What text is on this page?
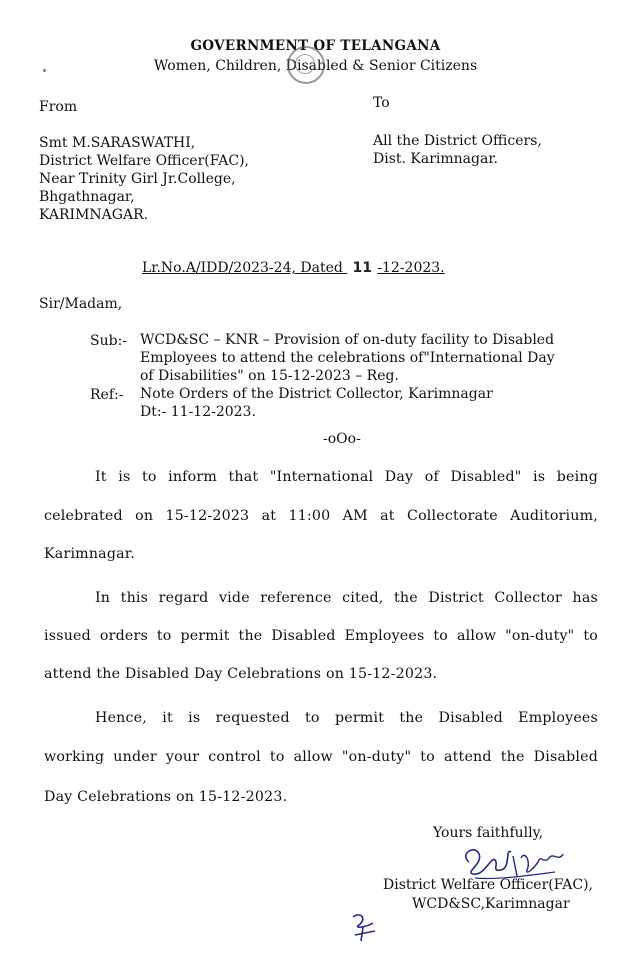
GOVERNMENT OF TELANGANA
Women, Children, Disabled & Senior Citizens
From	To
Smt M.SARASWATHI,
District Welfare Officer(FAC),
Near Trinity Girl Jr.College,
Bhgathnagar,
KARIMNAGAR.
All the District Officers,
Dist. Karimnagar.
Lr.No.A/IDD/2023-24, Dated 11 -12-2023.
Sir/Madam,
Sub:- WCD&SC – KNR – Provision of on-duty facility to Disabled
Employees to attend the celebrations of"International Day
of Disabilities" on 15-12-2023 – Reg.
Ref:- Note Orders of the District Collector, Karimnagar
Dt:- 11-12-2023.
-oOo-
It is to inform that "International Day of Disabled" is being
celebrated on 15-12-2023 at 11:00 AM at Collectorate Auditorium,
Karimnagar.
In this regard vide reference cited, the District Collector has
issued orders to permit the Disabled Employees to allow "on-duty" to
attend the Disabled Day Celebrations on 15-12-2023.
Hence, it is requested to permit the Disabled Employees
working under your control to allow "on-duty" to attend the Disabled
Day Celebrations on 15-12-2023.
Yours faithfully,
District Welfare Officer(FAC),
WCD&SC,Karimnagar
